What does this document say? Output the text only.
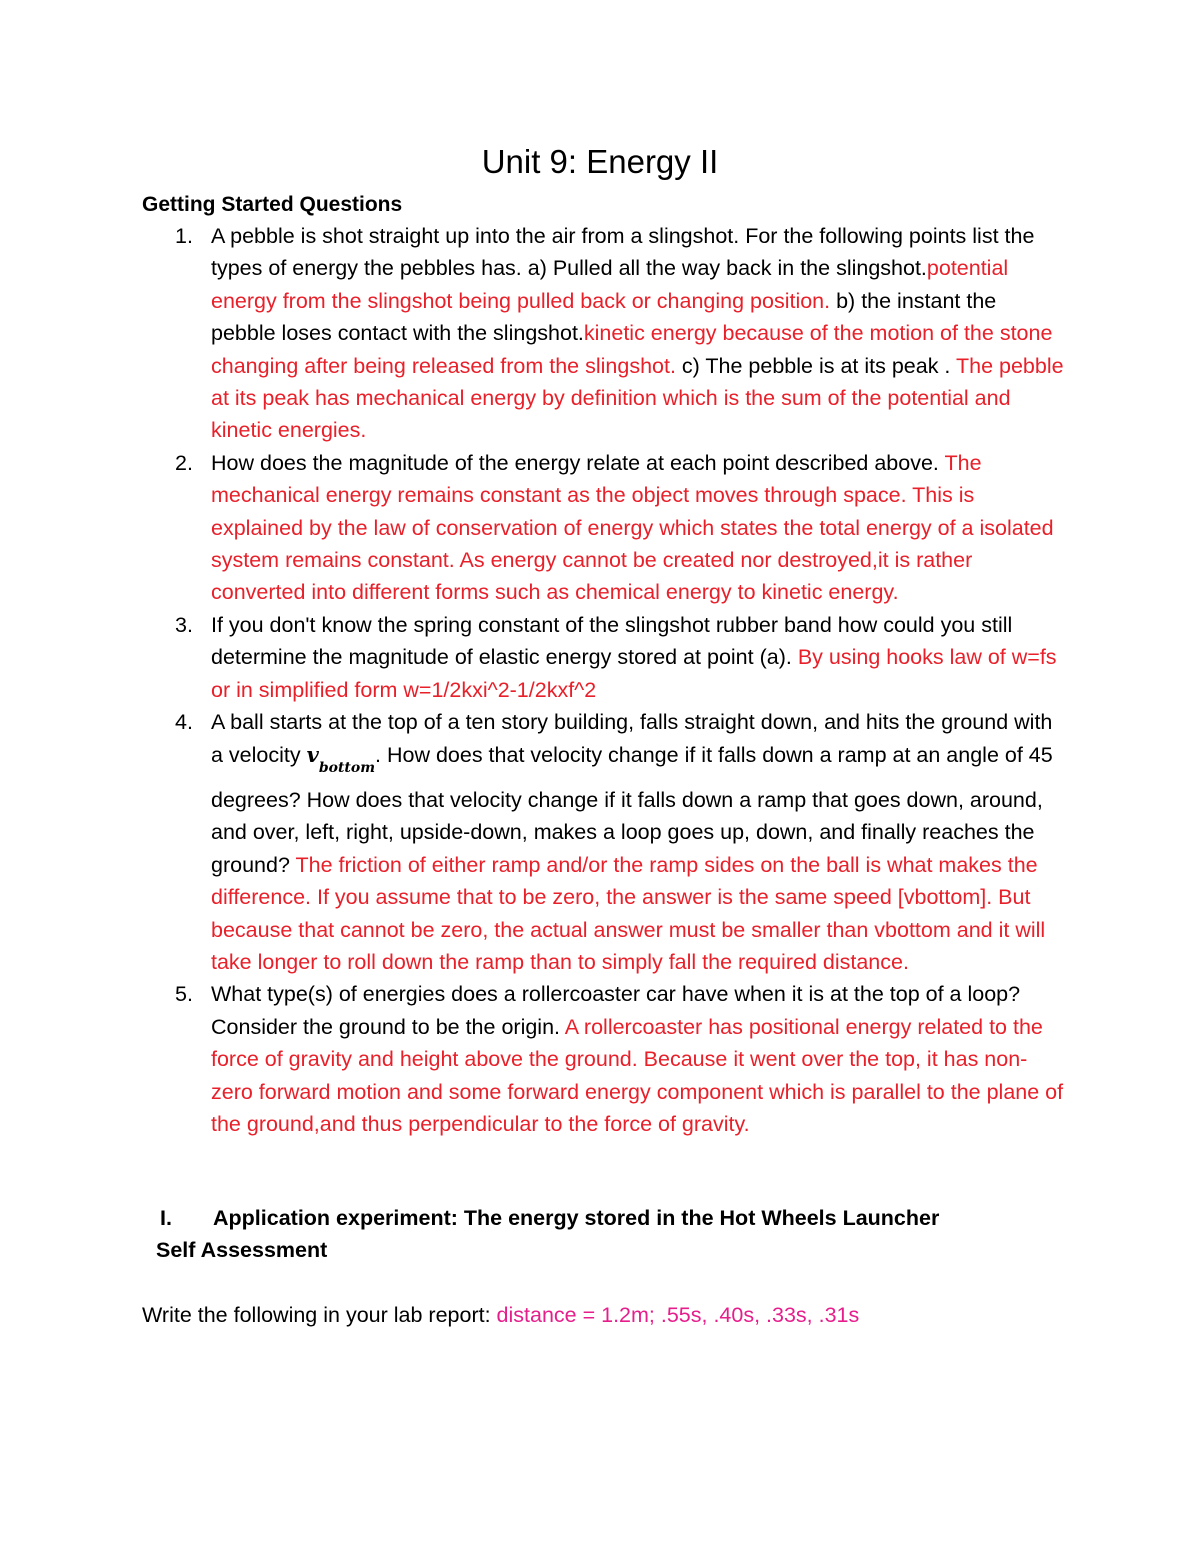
Unit 9: Energy II
Getting Started Questions
1. A pebble is shot straight up into the air from a slingshot. For the following points list the types of energy the pebbles has. a) Pulled all the way back in the slingshot.potential energy from the slingshot being pulled back or changing position. b) the instant the pebble loses contact with the slingshot.kinetic energy because of the motion of the stone changing after being released from the slingshot. c) The pebble is at its peak . The pebble at its peak has mechanical energy by definition which is the sum of the potential and kinetic energies.
2. How does the magnitude of the energy relate at each point described above. The mechanical energy remains constant as the object moves through space. This is explained by the law of conservation of energy which states the total energy of a isolated system remains constant. As energy cannot be created nor destroyed,it is rather converted into different forms such as chemical energy to kinetic energy.
3. If you don't know the spring constant of the slingshot rubber band how could you still determine the magnitude of elastic energy stored at point (a). By using hooks law of w=fs or in simplified form w=1/2kxi^2-1/2kxf^2
4. A ball starts at the top of a ten story building, falls straight down, and hits the ground with a velocity $v_{bottom}$. How does that velocity change if it falls down a ramp at an angle of 45 degrees? How does that velocity change if it falls down a ramp that goes down, around, and over, left, right, upside-down, makes a loop goes up, down, and finally reaches the ground? The friction of either ramp and/or the ramp sides on the ball is what makes the difference. If you assume that to be zero, the answer is the same speed [vbottom]. But because that cannot be zero, the actual answer must be smaller than vbottom and it will take longer to roll down the ramp than to simply fall the required distance.
5. What type(s) of energies does a rollercoaster car have when it is at the top of a loop? Consider the ground to be the origin. A rollercoaster has positional energy related to the force of gravity and height above the ground. Because it went over the top, it has non-zero forward motion and some forward energy component which is parallel to the plane of the ground,and thus perpendicular to the force of gravity.
I. Application experiment: The energy stored in the Hot Wheels Launcher
Self Assessment
Write the following in your lab report: distance = 1.2m; .55s, .40s, .33s, .31s
